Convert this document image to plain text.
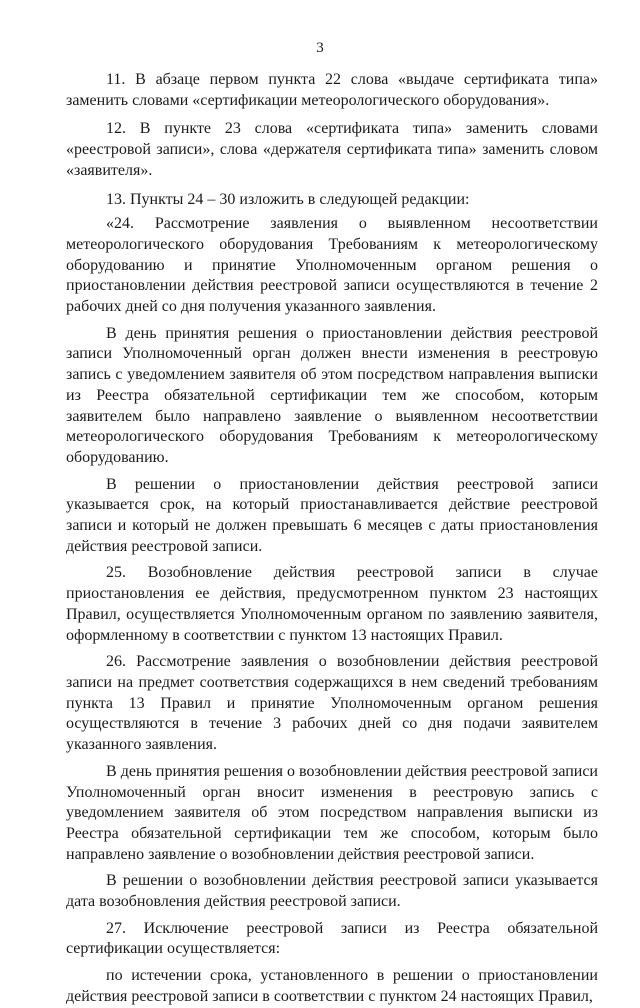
3

11. В абзаце первом пункта 22 слова «выдаче сертификата типа» заменить словами «сертификации метеорологического оборудования».

12. В пункте 23 слова «сертификата типа» заменить словами «реестровой записи», слова «держателя сертификата типа» заменить словом «заявителя».

13. Пункты 24 – 30 изложить в следующей редакции:

«24. Рассмотрение заявления о выявленном несоответствии метеорологического оборудования Требованиям к метеорологическому оборудованию и принятие Уполномоченным органом решения о приостановлении действия реестровой записи осуществляются в течение 2 рабочих дней со дня получения указанного заявления.

В день принятия решения о приостановлении действия реестровой записи Уполномоченный орган должен внести изменения в реестровую запись с уведомлением заявителя об этом посредством направления выписки из Реестра обязательной сертификации тем же способом, которым заявителем было направлено заявление о выявленном несоответствии метеорологического оборудования Требованиям к метеорологическому оборудованию.

В решении о приостановлении действия реестровой записи указывается срок, на который приостанавливается действие реестровой записи и который не должен превышать 6 месяцев с даты приостановления действия реестровой записи.

25. Возобновление действия реестровой записи в случае приостановления ее действия, предусмотренном пунктом 23 настоящих Правил, осуществляется Уполномоченным органом по заявлению заявителя, оформленному в соответствии с пунктом 13 настоящих Правил.

26. Рассмотрение заявления о возобновлении действия реестровой записи на предмет соответствия содержащихся в нем сведений требованиям пункта 13 Правил и принятие Уполномоченным органом решения осуществляются в течение 3 рабочих дней со дня подачи заявителем указанного заявления.

В день принятия решения о возобновлении действия реестровой записи Уполномоченный орган вносит изменения в реестровую запись с уведомлением заявителя об этом посредством направления выписки из Реестра обязательной сертификации тем же способом, которым было направлено заявление о возобновлении действия реестровой записи.

В решении о возобновлении действия реестровой записи указывается дата возобновления действия реестровой записи.

27. Исключение реестровой записи из Реестра обязательной сертификации осуществляется:

по истечении срока, установленного в решении о приостановлении действия реестровой записи в соответствии с пунктом 24 настоящих Правил,
